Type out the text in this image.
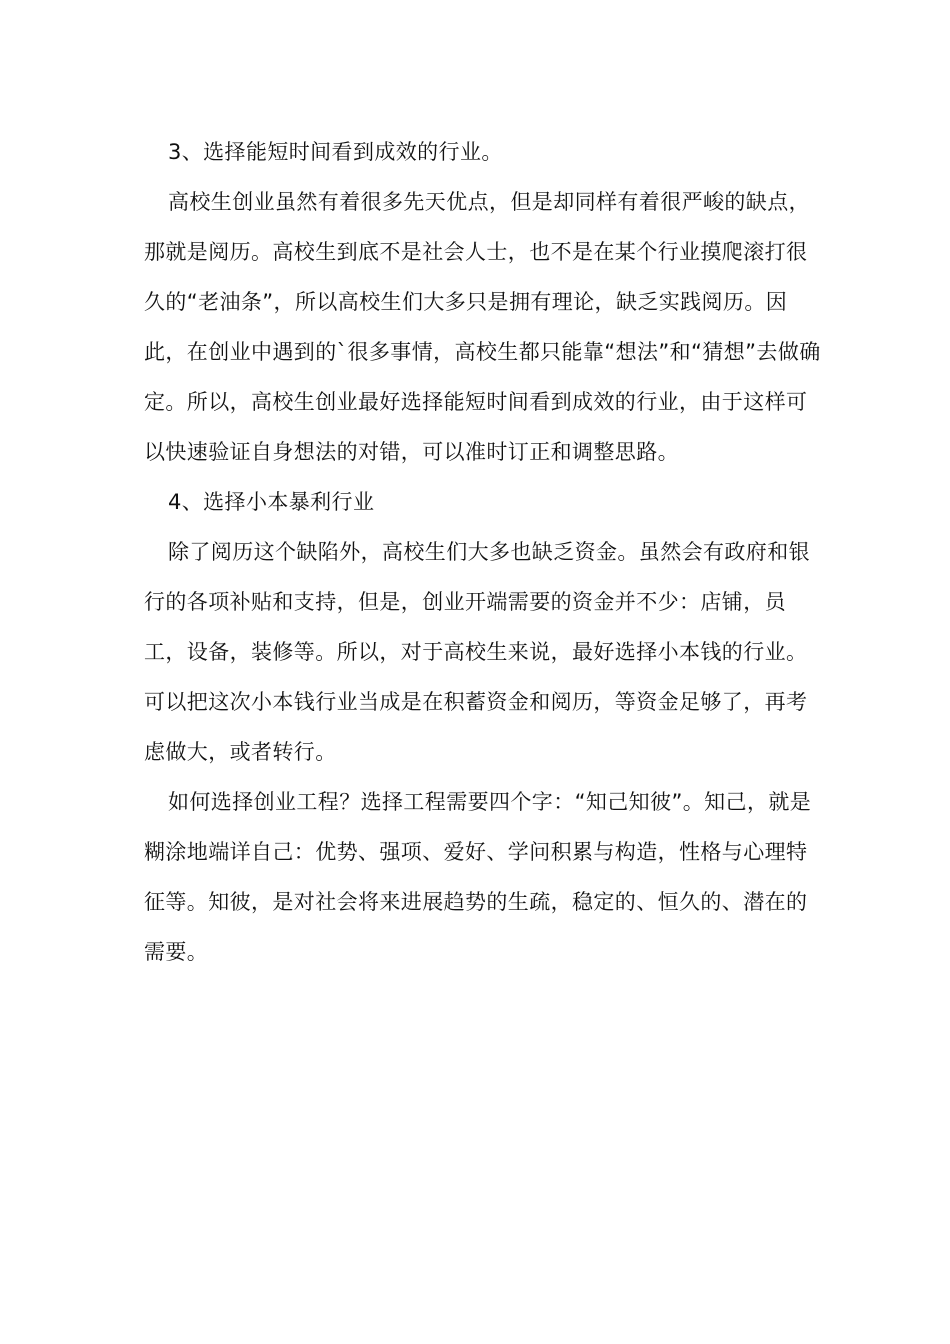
3、选择能短时间看到成效的行业。

高校生创业虽然有着很多先天优点，但是却同样有着很严峻的缺点，那就是阅历。高校生到底不是社会人士，也不是在某个行业摸爬滚打很久的“老油条”，所以高校生们大多只是拥有理论，缺乏实践阅历。因此，在创业中遇到的`很多事情，高校生都只能靠“想法”和“猜想”去做确定。所以，高校生创业最好选择能短时间看到成效的行业，由于这样可以快速验证自身想法的对错，可以准时订正和调整思路。

4、选择小本暴利行业

除了阅历这个缺陷外，高校生们大多也缺乏资金。虽然会有政府和银行的各项补贴和支持，但是，创业开端需要的资金并不少：店铺，员工，设备，装修等。所以，对于高校生来说，最好选择小本钱的行业。可以把这次小本钱行业当成是在积蓄资金和阅历，等资金足够了，再考虑做大，或者转行。

如何选择创业工程？选择工程需要四个字：“知己知彼”。知己，就是糊涂地端详自己：优势、强项、爱好、学问积累与构造，性格与心理特征等。知彼，是对社会将来进展趋势的生疏，稳定的、恒久的、潜在的需要。
